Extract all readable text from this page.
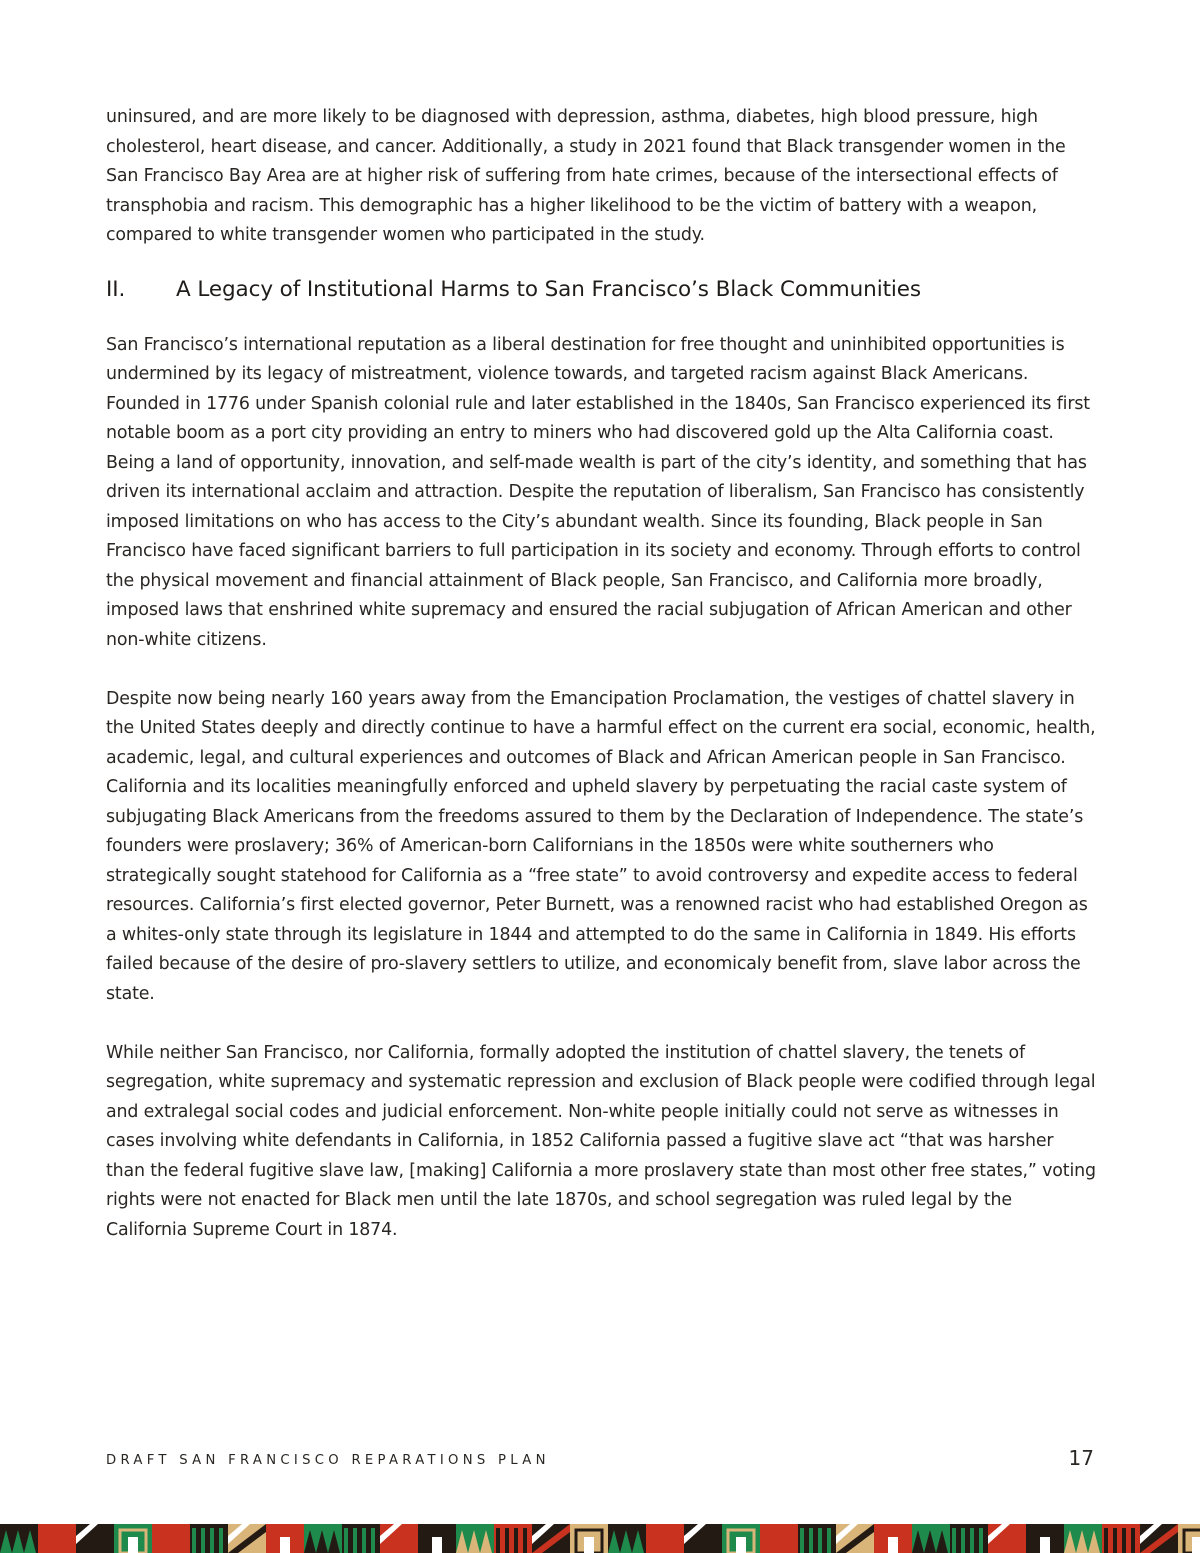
uninsured, and are more likely to be diagnosed with depression, asthma, diabetes, high blood pressure, high cholesterol, heart disease, and cancer. Additionally, a study in 2021 found that Black transgender women in the San Francisco Bay Area are at higher risk of suffering from hate crimes, because of the intersectional effects of transphobia and racism. This demographic has a higher likelihood to be the victim of battery with a weapon, compared to white transgender women who participated in the study.

II.	A Legacy of Institutional Harms to San Francisco’s Black Communities

San Francisco’s international reputation as a liberal destination for free thought and uninhibited opportunities is undermined by its legacy of mistreatment, violence towards, and targeted racism against Black Americans. Founded in 1776 under Spanish colonial rule and later established in the 1840s, San Francisco experienced its first notable boom as a port city providing an entry to miners who had discovered gold up the Alta California coast. Being a land of opportunity, innovation, and self-made wealth is part of the city’s identity, and something that has driven its international acclaim and attraction. Despite the reputation of liberalism, San Francisco has consistently imposed limitations on who has access to the City’s abundant wealth. Since its founding, Black people in San Francisco have faced significant barriers to full participation in its society and economy. Through efforts to control the physical movement and financial attainment of Black people, San Francisco, and California more broadly, imposed laws that enshrined white supremacy and ensured the racial subjugation of African American and other non-white citizens.

Despite now being nearly 160 years away from the Emancipation Proclamation, the vestiges of chattel slavery in the United States deeply and directly continue to have a harmful effect on the current era social, economic, health, academic, legal, and cultural experiences and outcomes of Black and African American people in San Francisco. California and its localities meaningfully enforced and upheld slavery by perpetuating the racial caste system of subjugating Black Americans from the freedoms assured to them by the Declaration of Independence. The state’s founders were proslavery; 36% of American-born Californians in the 1850s were white southerners who strategically sought statehood for California as a “free state” to avoid controversy and expedite access to federal resources. California’s first elected governor, Peter Burnett, was a renowned racist who had established Oregon as a whites-only state through its legislature in 1844 and attempted to do the same in California in 1849. His efforts failed because of the desire of pro-slavery settlers to utilize, and economicaly benefit from, slave labor across the state.

While neither San Francisco, nor California, formally adopted the institution of chattel slavery, the tenets of segregation, white supremacy and systematic repression and exclusion of Black people were codified through legal and extralegal social codes and judicial enforcement. Non-white people initially could not serve as witnesses in cases involving white defendants in California, in 1852 California passed a fugitive slave act “that was harsher than the federal fugitive slave law, [making] California a more proslavery state than most other free states,” voting rights were not enacted for Black men until the late 1870s, and school segregation was ruled legal by the California Supreme Court in 1874.

DRAFT SAN FRANCISCO REPARATIONS PLAN	17
